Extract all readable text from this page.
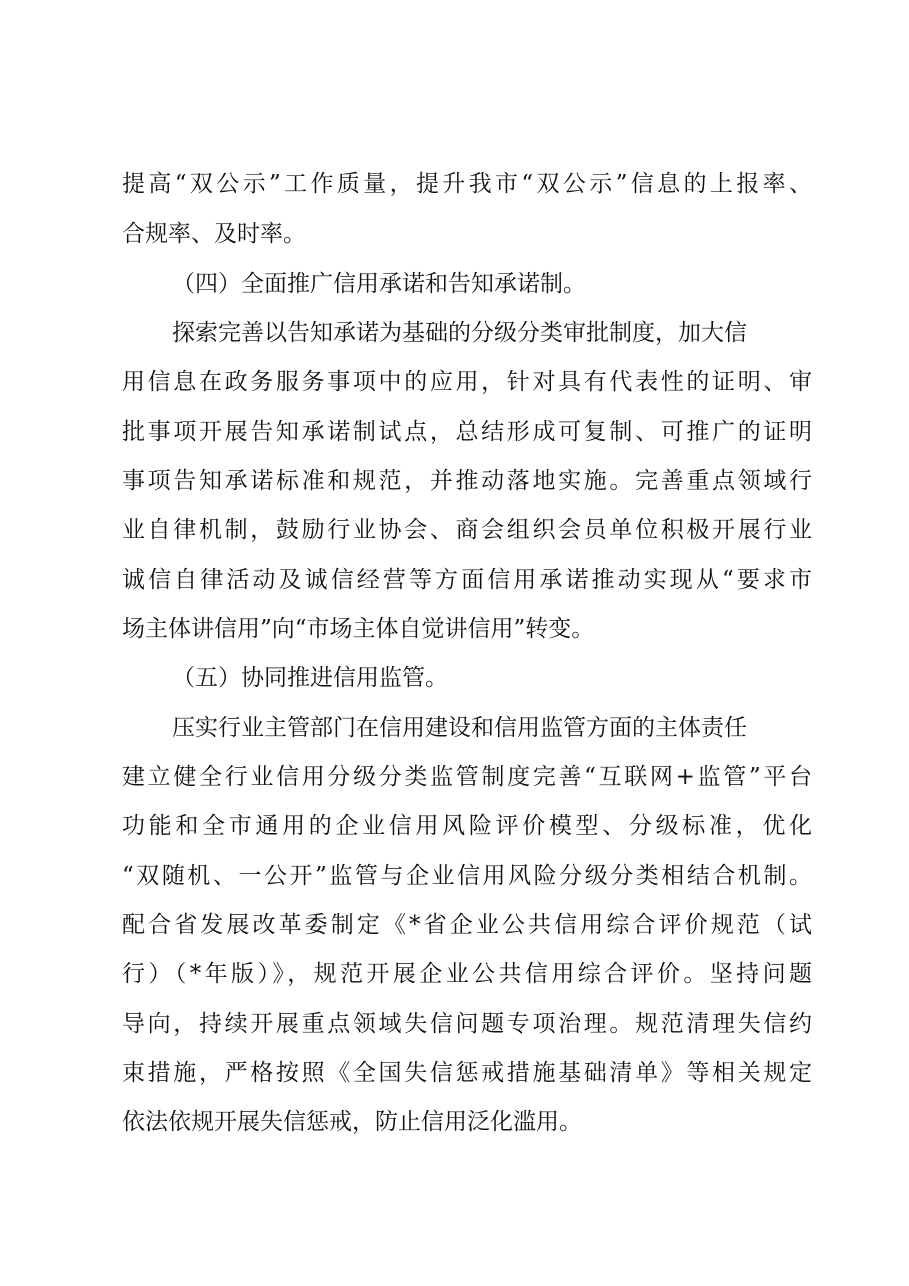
提高“双公示”工作质量，提升我市“双公示”信息的上报率、
合规率、及时率。
（四）全面推广信用承诺和告知承诺制。
探索完善以告知承诺为基础的分级分类审批制度，加大信
用信息在政务服务事项中的应用，针对具有代表性的证明、审
批事项开展告知承诺制试点，总结形成可复制、可推广的证明
事项告知承诺标准和规范，并推动落地实施。完善重点领域行
业自律机制，鼓励行业协会、商会组织会员单位积极开展行业
诚信自律活动及诚信经营等方面信用承诺推动实现从“要求市
场主体讲信用”向“市场主体自觉讲信用”转变。
（五）协同推进信用监管。
压实行业主管部门在信用建设和信用监管方面的主体责任
建立健全行业信用分级分类监管制度完善“互联网+监管”平台
功能和全市通用的企业信用风险评价模型、分级标准，优化
“双随机、一公开”监管与企业信用风险分级分类相结合机制。
配合省发展改革委制定《*省企业公共信用综合评价规范（试
行）（*年版）》，规范开展企业公共信用综合评价。坚持问题
导向，持续开展重点领域失信问题专项治理。规范清理失信约
束措施，严格按照《全国失信惩戒措施基础清单》等相关规定
依法依规开展失信惩戒，防止信用泛化滥用。
